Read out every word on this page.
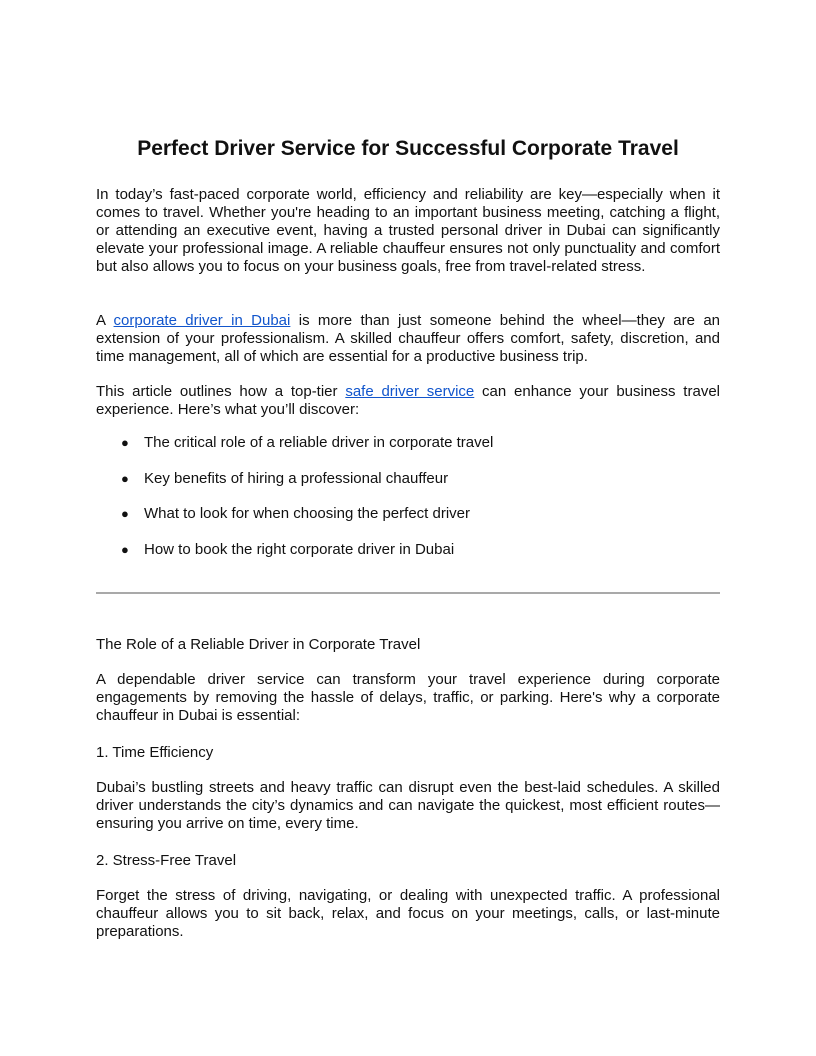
Perfect Driver Service for Successful Corporate Travel

In today’s fast-paced corporate world, efficiency and reliability are key—especially when it comes to travel. Whether you're heading to an important business meeting, catching a flight, or attending an executive event, having a trusted personal driver in Dubai can significantly elevate your professional image. A reliable chauffeur ensures not only punctuality and comfort but also allows you to focus on your business goals, free from travel-related stress.

A corporate driver in Dubai is more than just someone behind the wheel—they are an extension of your professionalism. A skilled chauffeur offers comfort, safety, discretion, and time management, all of which are essential for a productive business trip.

This article outlines how a top-tier safe driver service can enhance your business travel experience. Here’s what you’ll discover:

● The critical role of a reliable driver in corporate travel
● Key benefits of hiring a professional chauffeur
● What to look for when choosing the perfect driver
● How to book the right corporate driver in Dubai

The Role of a Reliable Driver in Corporate Travel

A dependable driver service can transform your travel experience during corporate engagements by removing the hassle of delays, traffic, or parking. Here's why a corporate chauffeur in Dubai is essential:

1. Time Efficiency

Dubai’s bustling streets and heavy traffic can disrupt even the best-laid schedules. A skilled driver understands the city’s dynamics and can navigate the quickest, most efficient routes—ensuring you arrive on time, every time.

2. Stress-Free Travel

Forget the stress of driving, navigating, or dealing with unexpected traffic. A professional chauffeur allows you to sit back, relax, and focus on your meetings, calls, or last-minute preparations.
